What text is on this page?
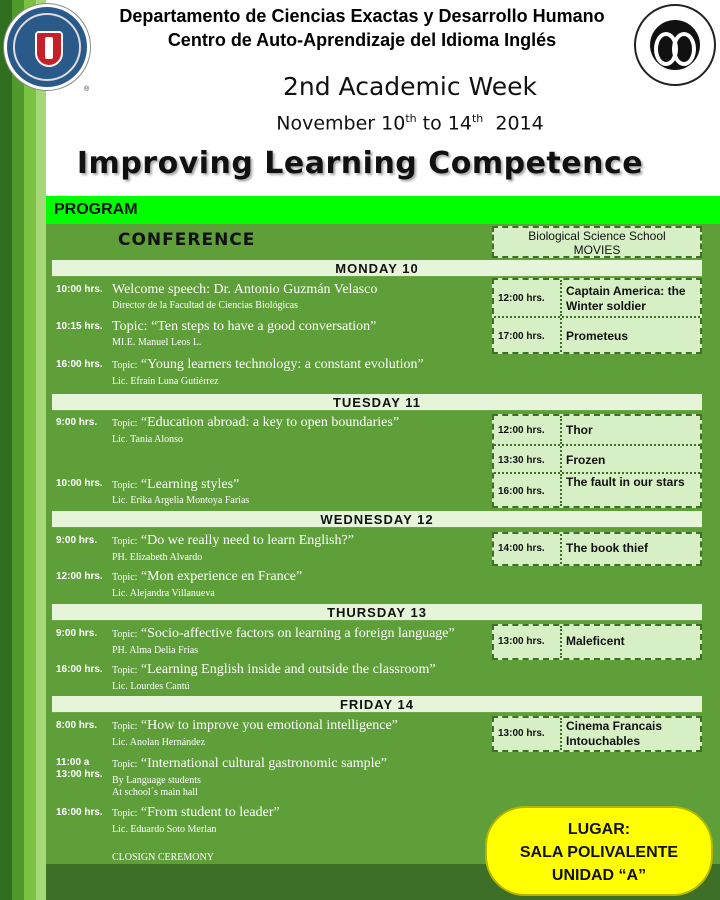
®
Departamento de Ciencias Exactas y Desarrollo Humano
Centro de Auto-Aprendizaje del Idioma Inglés
2nd Academic Week
November 10th to 14th 2014
Improving Learning Competence
PROGRAM
CONFERENCE	Biological Science School
MOVIES
MONDAY 10
10:00 hrs. Welcome speech: Dr. Antonio Guzmán Velasco
Director de la Facultad de Ciencias Biológicas
10:15 hrs. Topic: “Ten steps to have a good conversation”
MI.E. Manuel Leos L.
16:00 hrs. Topic: “Young learners technology: a constant evolution”
Lic. Efraín Luna Gutiérrez
12:00 hrs.
Captain America: the Winter soldier
17:00 hrs. Prometeus
TUESDAY 11
9:00 hrs. Topic: “Education abroad: a key to open boundaries”
Lic. Tania Alonso
10:00 hrs. Topic: “Learning styles”
Lic. Erika Argelia Montoya Farías
12:00 hrs. Thor
13:30 hrs. Frozen
16:00 hrs.
The fault in our stars
WEDNESDAY 12
9:00 hrs. Topic: “Do we really need to learn English?”
PH. Elizabeth Alvardo
12:00 hrs. Topic: “Mon experience en France”
Lic. Alejandra Villanueva
14:00 hrs. The book thief
THURSDAY 13
9:00 hrs. Topic: “Socio-affective factors on learning a foreign language”
PH. Alma Delia Frías
16:00 hrs. Topic: “Learning English inside and outside the classroom”
Lic. Lourdes Cantú
13:00 hrs. Maleficent
FRIDAY 14
8:00 hrs. Topic: “How to improve you emotional intelligence”
Lic. Anolan Hernández
11:00 a
13:00 hrs.
Topic: “International cultural gastronomic sample”
By Language students
At school´s main hall
16:00 hrs. Topic: “From student to leader”
Lic. Eduardo Soto Merlan
CLOSIGN CEREMONY
13:00 hrs.
Cinema Francais Intouchables
LUGAR:
SALA POLIVALENTE
UNIDAD “A”
